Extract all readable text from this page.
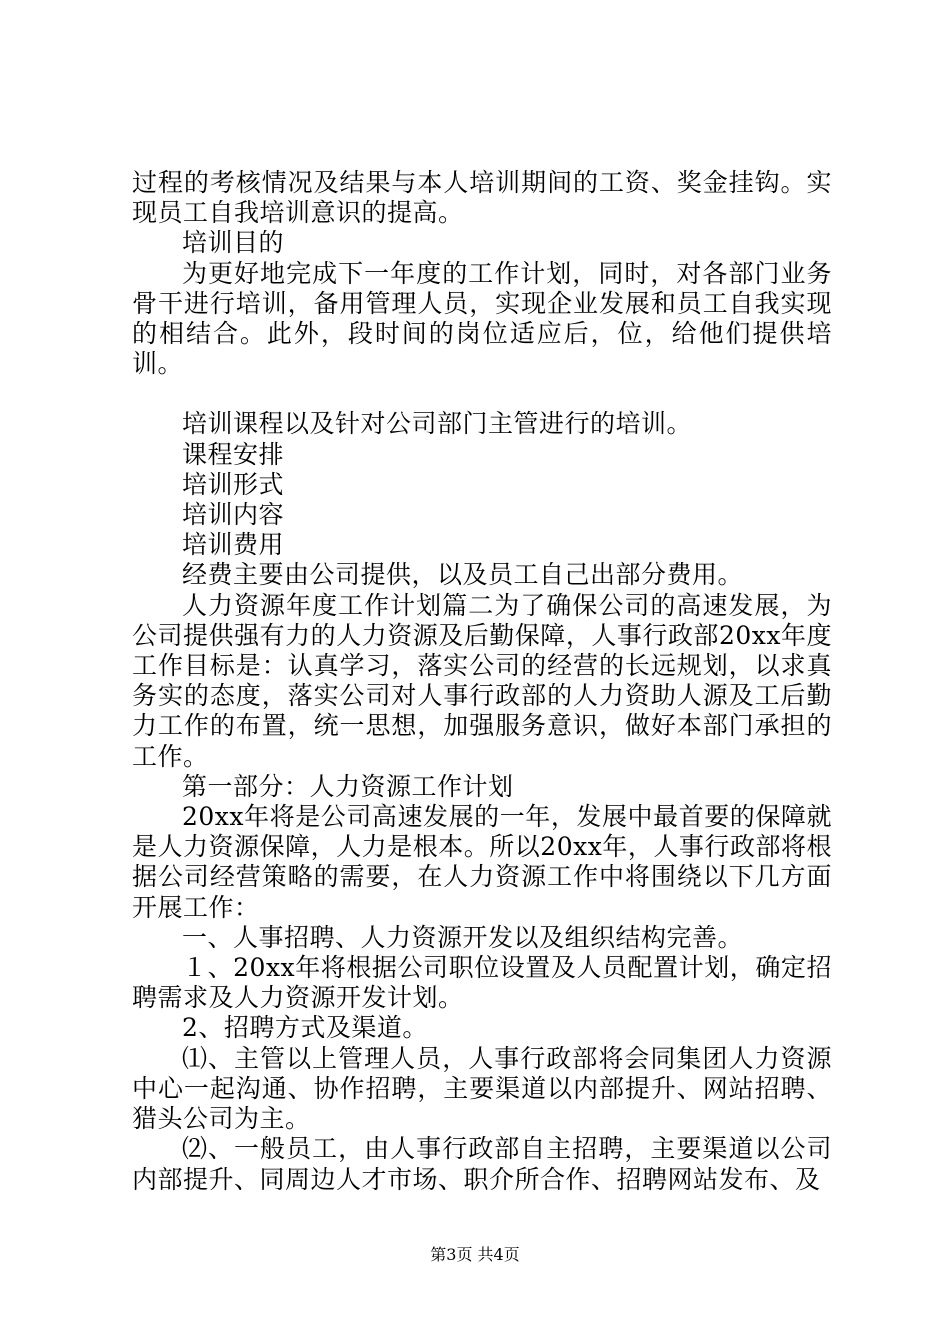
过程的考核情况及结果与本人培训期间的工资、奖金挂钩。实现员工自我培训意识的提高。

培训目的

为更好地完成下一年度的工作计划，同时，对各部门业务骨干进行培训，备用管理人员，实现企业发展和员工自我实现的相结合。此外，段时间的岗位适应后，位，给他们提供培训。

培训课程以及针对公司部门主管进行的培训。

课程安排

培训形式

培训内容

培训费用

经费主要由公司提供，以及员工自己出部分费用。

人力资源年度工作计划篇二为了确保公司的高速发展，为公司提供强有力的人力资源及后勤保障，人事行政部20xx年度工作目标是：认真学习，落实公司的经营的长远规划，以求真务实的态度，落实公司对人事行政部的人力资助人源及工后勤力工作的布置，统一思想，加强服务意识，做好本部门承担的工作。

第一部分：人力资源工作计划

20xx年将是公司高速发展的一年，发展中最首要的保障就是人力资源保障，人力是根本。所以20xx年，人事行政部将根据公司经营策略的需要，在人力资源工作中将围绕以下几方面开展工作：

一、人事招聘、人力资源开发以及组织结构完善。

１、20xx年将根据公司职位设置及人员配置计划，确定招聘需求及人力资源开发计划。

2、招聘方式及渠道。

⑴、主管以上管理人员，人事行政部将会同集团人力资源中心一起沟通、协作招聘，主要渠道以内部提升、网站招聘、猎头公司为主。

⑵、一般员工，由人事行政部自主招聘，主要渠道以公司内部提升、同周边人才市场、职介所合作、招聘网站发布、及

第3页 共4页
